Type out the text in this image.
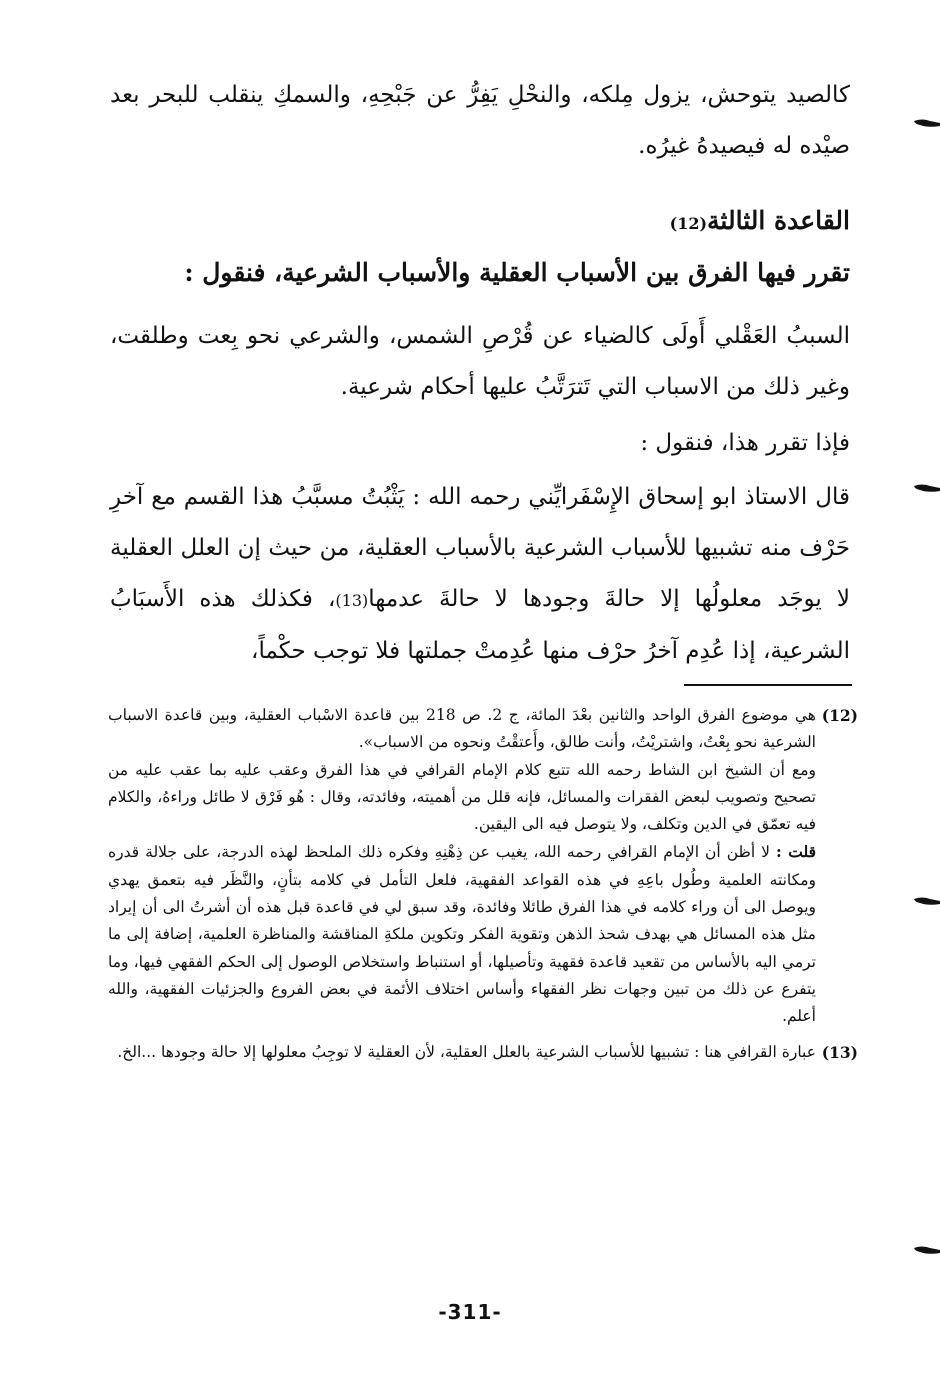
كالصيد يتوحش، يزول مِلكه، والنحْلِ يَفِرُّ عن جَبْحِهِ، والسمكِ ينقلب للبحر بعد صيْده له فيصيدهُ غيرُه.

القاعدة الثالثة(12)

تقرر فيها الفرق بين الأسباب العقلية والأسباب الشرعية، فنقول :

السببُ العَقْلي أَولَى كالضياء عن قُرْصِ الشمس، والشرعي نحو بِعت وطلقت، وغير ذلك من الاسباب التي تَترَتَّبُ عليها أحكام شرعية.

فإذا تقرر هذا، فنقول :

قال الاستاذ ابو إسحاق الإِسْفَرايِّني رحمه الله : يَثْبُتُ مسبَّبُ هذا القسم مع آخرِ حَرْف منه تشبيها للأسباب الشرعية بالأسباب العقلية، من حيث إن العلل العقلية لا يوجَد معلولُها إلا حالةَ وجودها لا حالةَ عدمها(13)، فكذلك هذه الأَسبَابُ الشرعية، إذا عُدِم آخرُ حرْف منها عُدِمتْ جملتها فلا توجب حكْماً،

(12)

هي موضوع الفرق الواحد والثانين بعْدَ المائة، ج 2. ص 218 بين قاعدة الاسْباب العقلية، وبين قاعدة الاسباب الشرعية نحو بِعْتُ، واشتريْتُ، وأنت طالق، وأَعتقْتُ ونحوه من الاسباب».

ومع أن الشيخ ابن الشاط رحمه الله تتبع كلام الإمام القرافي في هذا الفرق وعقب عليه بما عقب عليه من تصحيح وتصويب لبعض الفقرات والمسائل، فإنه قلل من أهميته، وفائدته، وقال : هُو فَرْق لا طائل وراءهُ، والكلام فيه تعمّق في الدين وتكلف، ولا يتوصل فيه الى اليقين.

قلت : لا أظن أن الإمام القرافي رحمه الله، يغيب عن ذِهْنِهِ وفكره ذلك الملحظ لهذه الدرجة، على جلالة قدره ومكانته العلمية وطُول باعِهِ في هذه القواعد الفقهية، فلعل التأمل في كلامه بتأنٍ، والنَّظَر فيه بتعمق يهدي ويوصل الى أن وراء كلامه في هذا الفرق طائلا وفائدة، وقد سبق لي في قاعدة قبل هذه أن أشرتُ الى أن إيراد مثل هذه المسائل هي بهدف شحذ الذهن وتقوية الفكر وتكوين ملكةِ المناقشة والمناظرة العلمية، إضافة إلى ما ترمي اليه بالأساس من تقعيد قاعدة فقهية وتأصيلها، أو استنباط واستخلاص الوصول إلى الحكم الفقهي فيها، وما يتفرع عن ذلك من تبين وجهات نظر الفقهاء وأساس اختلاف الأئمة في بعض الفروع والجزئيات الفقهية، والله أعلم.

(13)

عبارة القرافي هنا : تشبيها للأسباب الشرعية بالعلل العقلية، لأن العقلية لا توجِبُ معلولها إلا حالة وجودها ...الخ.

-311-
